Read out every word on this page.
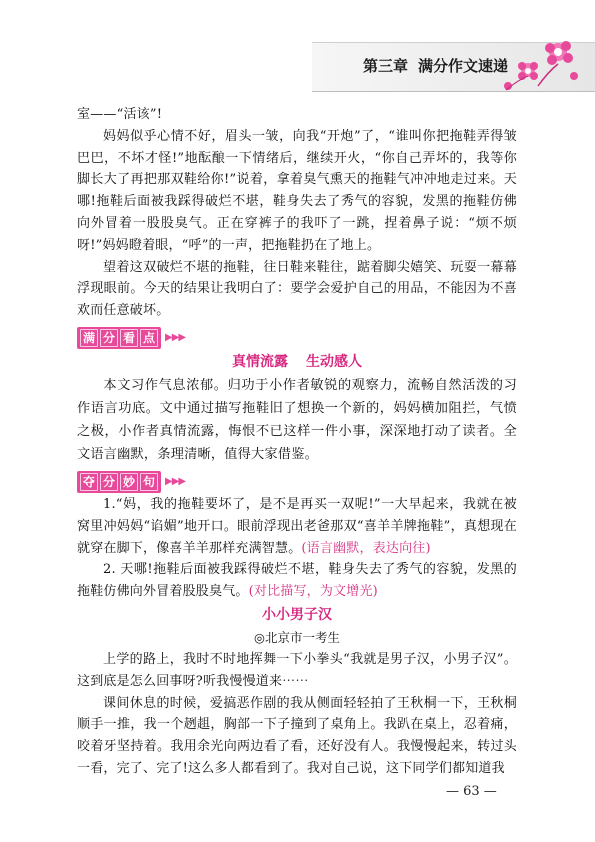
第三章 满分作文速递

室——“活该”!

妈妈似乎心情不好，眉头一皱，向我“开炮”了，“谁叫你把拖鞋弄得皱巴巴，不坏才怪!”地酝酿一下情绪后，继续开火，“你自己弄坏的，我等你脚长大了再把那双鞋给你!”说着，拿着臭气熏天的拖鞋气冲冲地走过来。天哪!拖鞋后面被我踩得破烂不堪，鞋身失去了秀气的容貌，发黑的拖鞋仿佛向外冒着一股股臭气。正在穿裤子的我吓了一跳，捏着鼻子说：“烦不烦呀!”妈妈瞪着眼，“呼”的一声，把拖鞋扔在了地上。

望着这双破烂不堪的拖鞋，往日鞋来鞋往，踮着脚尖嬉笑、玩耍一幕幕浮现眼前。今天的结果让我明白了：要学会爱护自己的用品，不能因为不喜欢而任意破坏。

满 分 看 点	▶▶▶

真情流露 生动感人

本文习作气息浓郁。归功于小作者敏锐的观察力，流畅自然活泼的习作语言功底。文中通过描写拖鞋旧了想换一个新的，妈妈横加阻拦，气愤之极，小作者真情流露，悔恨不已这样一件小事，深深地打动了读者。全文语言幽默，条理清晰，值得大家借鉴。

夺 分 妙 句	▶▶▶

1.“妈，我的拖鞋要坏了，是不是再买一双呢!”一大早起来，我就在被窝里冲妈妈“谄媚”地开口。眼前浮现出老爸那双“喜羊羊牌拖鞋”，真想现在就穿在脚下，像喜羊羊那样充满智慧。(语言幽默，表达向往)

2. 天哪!拖鞋后面被我踩得破烂不堪，鞋身失去了秀气的容貌，发黑的拖鞋仿佛向外冒着股股臭气。(对比描写，为文增光)

小小男子汉

◎北京市一考生

上学的路上，我时不时地挥舞一下小拳头“我就是男子汉，小男子汉”。这到底是怎么回事呀?听我慢慢道来⋯⋯

课间休息的时候，爱搞恶作剧的我从侧面轻轻拍了王秋桐一下，王秋桐顺手一推，我一个趔趄，胸部一下子撞到了桌角上。我趴在桌上，忍着痛，咬着牙坚持着。我用余光向两边看了看，还好没有人。我慢慢起来，转过头一看，完了、完了!这么多人都看到了。我对自己说，这下同学们都知道我

— 63 —
